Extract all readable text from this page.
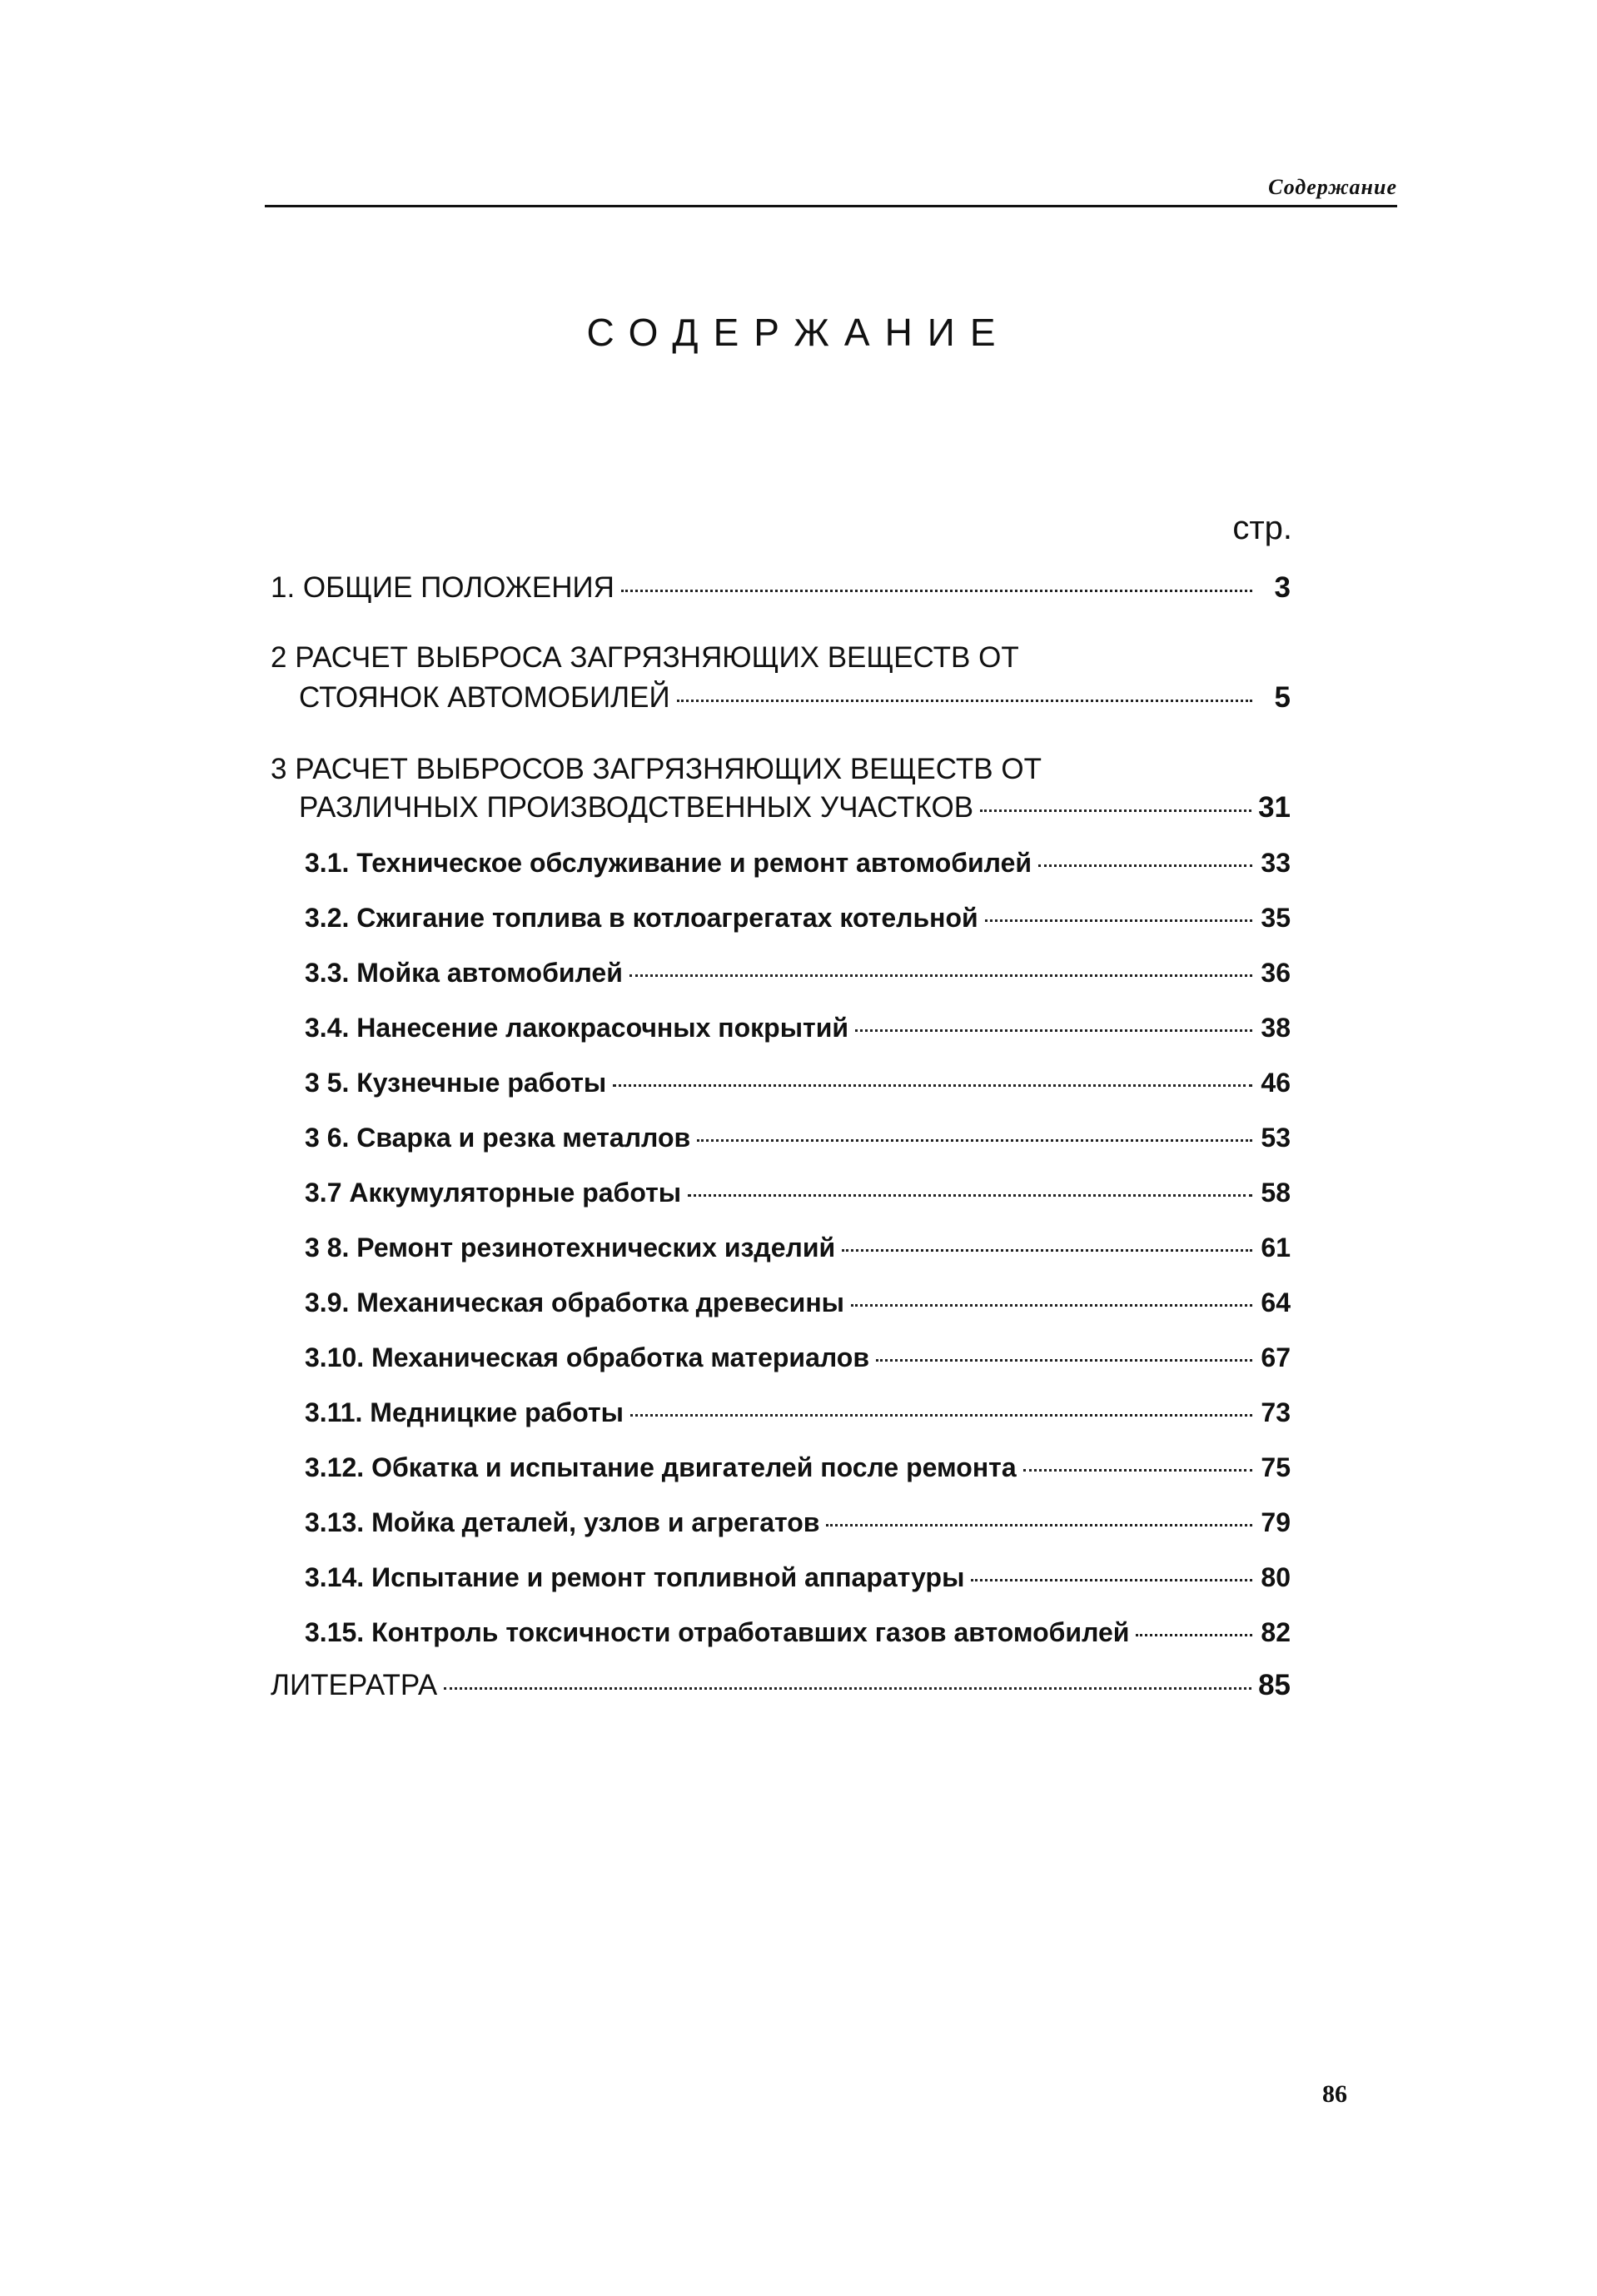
Содержание
СОДЕРЖАНИЕ
стр.
1. ОБЩИЕ ПОЛОЖЕНИЯ	3
2 РАСЧЕТ ВЫБРОСА ЗАГРЯЗНЯЮЩИХ ВЕЩЕСТВ ОТ
СТОЯНОК АВТОМОБИЛЕЙ	5
3 РАСЧЕТ ВЫБРОСОВ ЗАГРЯЗНЯЮЩИХ ВЕЩЕСТВ ОТ
РАЗЛИЧНЫХ ПРОИЗВОДСТВЕННЫХ УЧАСТКОВ	31
3.1. Техническое обслуживание и ремонт автомобилей	33
3.2. Сжигание топлива в котлоагрегатах котельной	35
3.3. Мойка автомобилей	36
3.4. Нанесение лакокрасочных покрытий	38
3 5. Кузнечные работы	46
3 6. Сварка и резка металлов	53
3.7 Аккумуляторные работы	58
3 8. Ремонт резинотехнических изделий	61
3.9. Механическая обработка древесины	64
3.10. Механическая обработка материалов	67
3.11. Медницкие работы	73
3.12. Обкатка и испытание двигателей после ремонта	75
3.13. Мойка деталей, узлов и агрегатов	79
3.14. Испытание и ремонт топливной аппаратуры	80
3.15. Контроль токсичности отработавших газов автомобилей	82
ЛИТЕРАТРА	85
86
